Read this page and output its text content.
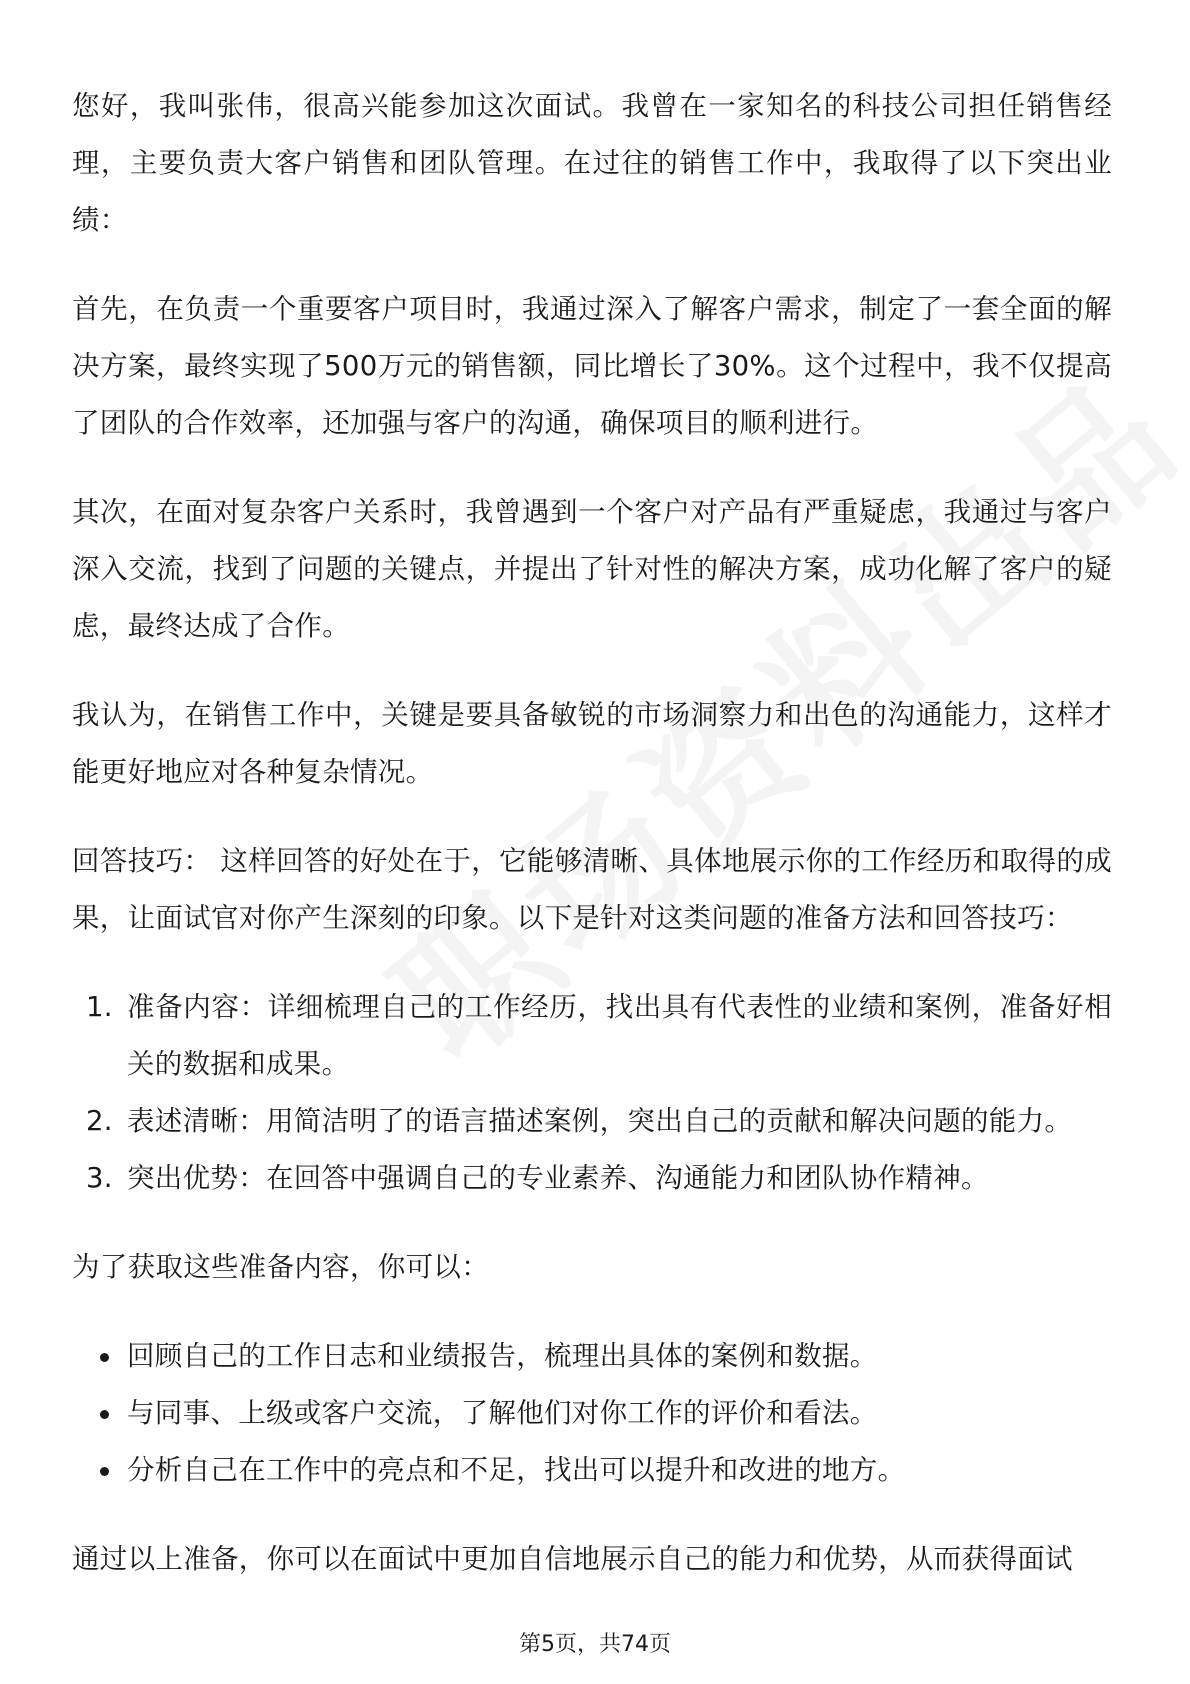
您好，我叫张伟，很高兴能参加这次面试。我曾在一家知名的科技公司担任销售经理，主要负责大客户销售和团队管理。在过往的销售工作中，我取得了以下突出业绩：

首先，在负责一个重要客户项目时，我通过深入了解客户需求，制定了一套全面的解决方案，最终实现了500万元的销售额，同比增长了30%。这个过程中，我不仅提高了团队的合作效率，还加强与客户的沟通，确保项目的顺利进行。

其次，在面对复杂客户关系时，我曾遇到一个客户对产品有严重疑虑，我通过与客户深入交流，找到了问题的关键点，并提出了针对性的解决方案，成功化解了客户的疑虑，最终达成了合作。

我认为，在销售工作中，关键是要具备敏锐的市场洞察力和出色的沟通能力，这样才能更好地应对各种复杂情况。

回答技巧： 这样回答的好处在于，它能够清晰、具体地展示你的工作经历和取得的成果，让面试官对你产生深刻的印象。以下是针对这类问题的准备方法和回答技巧：

1. 准备内容：详细梳理自己的工作经历，找出具有代表性的业绩和案例，准备好相关的数据和成果。
2. 表述清晰：用简洁明了的语言描述案例，突出自己的贡献和解决问题的能力。
3. 突出优势：在回答中强调自己的专业素养、沟通能力和团队协作精神。

为了获取这些准备内容，你可以：

回顾自己的工作日志和业绩报告，梳理出具体的案例和数据。
与同事、上级或客户交流，了解他们对你工作的评价和看法。
分析自己在工作中的亮点和不足，找出可以提升和改进的地方。

通过以上准备，你可以在面试中更加自信地展示自己的能力和优势，从而获得面试

第5页，共74页
